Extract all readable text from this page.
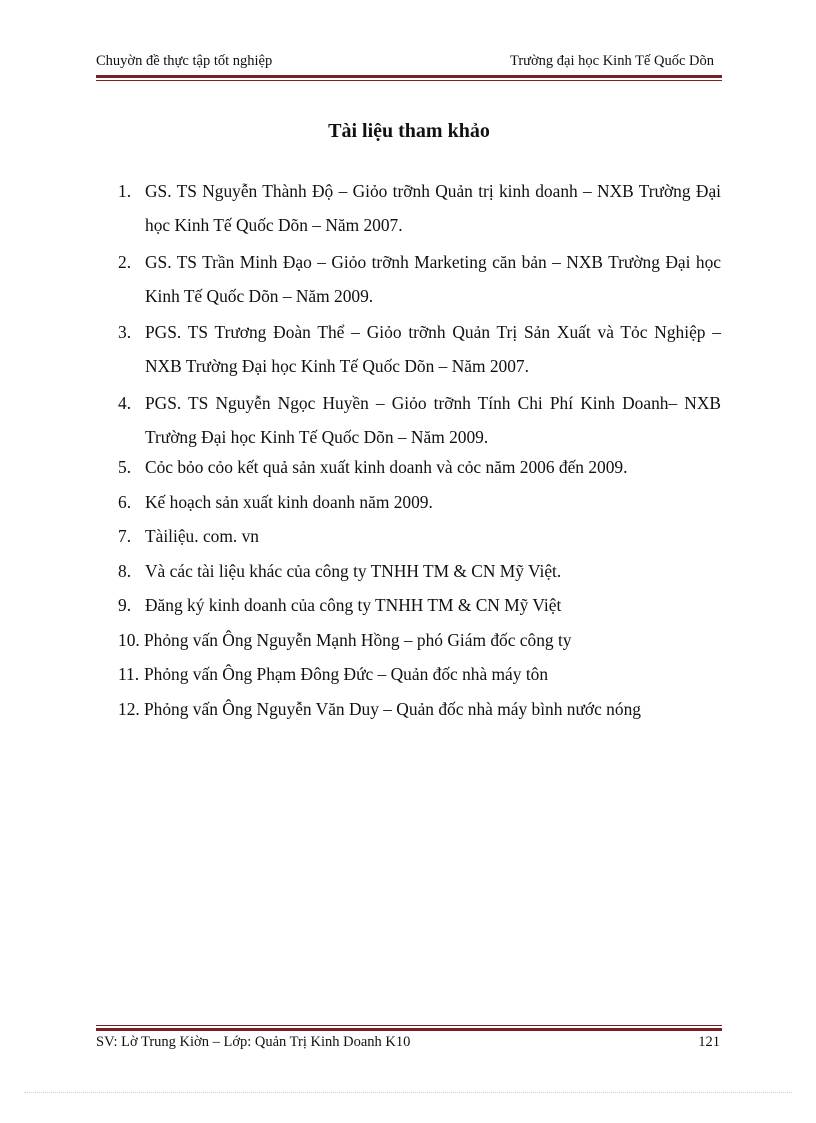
Chuyờn đề thực tập tốt nghiệp	Trường đại học Kinh Tế Quốc Dõn
Tài liệu tham khảo
1. GS. TS Nguyễn Thành Độ – Giỏo trỡnh Quản trị kinh doanh – NXB Trường Đại học Kinh Tế Quốc Dõn – Năm 2007.
2. GS. TS Trần Minh Đạo – Giỏo trỡnh Marketing căn bản – NXB Trường Đại học Kinh Tế Quốc Dõn – Năm 2009.
3. PGS. TS Trương Đoàn Thể – Giỏo trỡnh Quản Trị Sản Xuất và Tỏc Nghiệp – NXB Trường Đại học Kinh Tế Quốc Dõn – Năm 2007.
4. PGS. TS Nguyễn Ngọc Huyền – Giỏo trỡnh Tính Chi Phí Kinh Doanh– NXB Trường Đại học Kinh Tế Quốc Dõn – Năm 2009.
5. Cỏc bỏo cỏo kết quả sản xuất kinh doanh và cỏc năm 2006 đến 2009.
6. Kế hoạch sản xuất kinh doanh năm 2009.
7. Tàiliệu. com. vn
8. Và các tài liệu khác của công ty TNHH TM & CN Mỹ Việt.
9. Đăng ký kinh doanh của công ty TNHH TM & CN Mỹ Việt
10. Phỏng vấn Ông Nguyễn Mạnh Hồng – phó Giám đốc công ty
11. Phỏng vấn Ông Phạm Đông Đức – Quản đốc nhà máy tôn
12. Phỏng vấn Ông Nguyễn Văn Duy – Quản đốc nhà máy bình nước nóng
SV: Lờ Trung Kiờn – Lớp: Quản Trị Kinh Doanh K10	121
